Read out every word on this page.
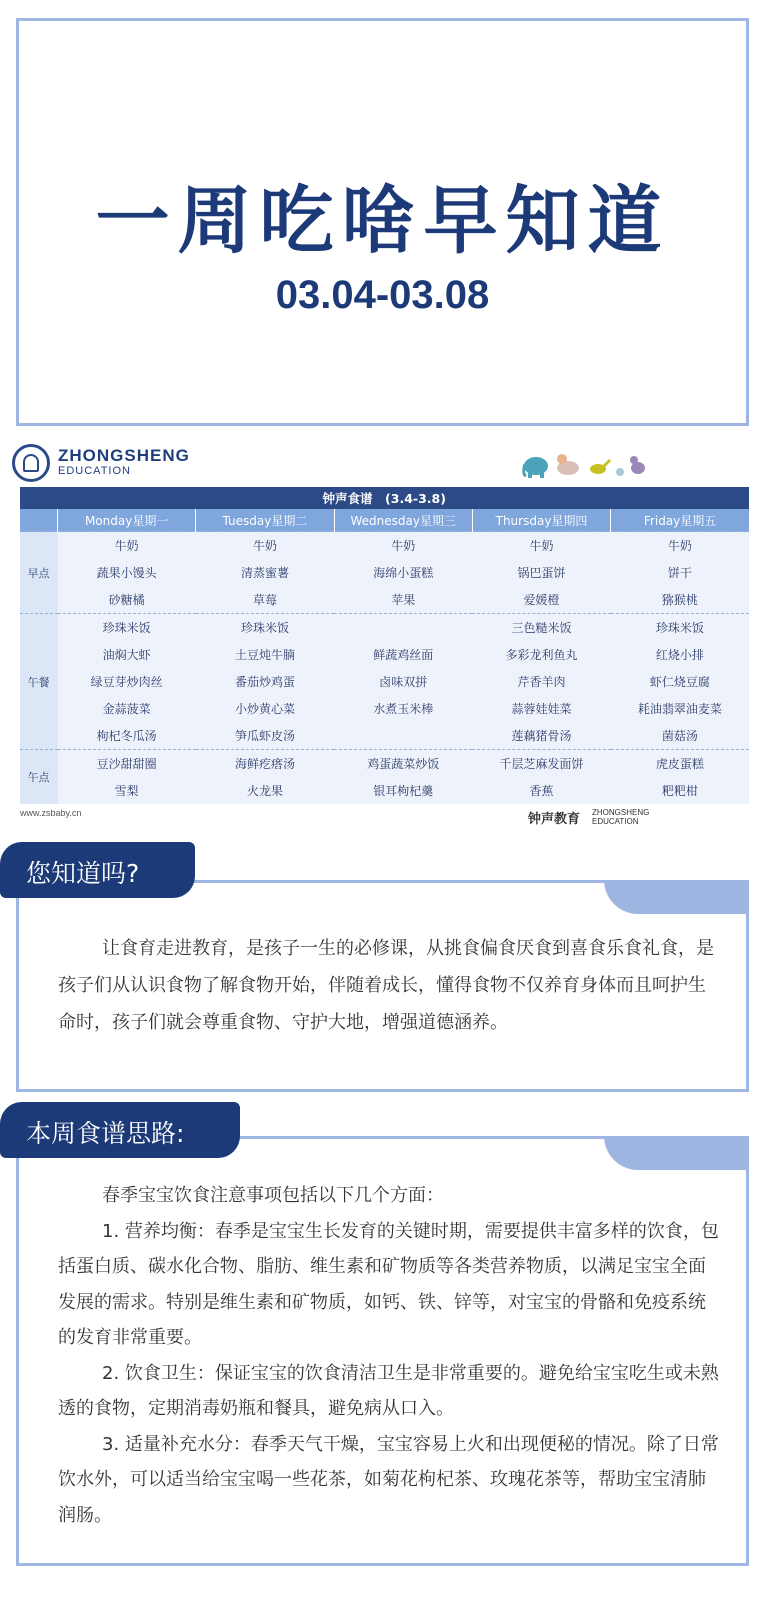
一周吃啥早知道
03.04-03.08
ZHONGSHENG
EDUCATION
钟声食谱　(3.4-3.8)					
	Monday星期一	Tuesday星期二	Wednesday星期三	Thursday星期四	Friday星期五
早点	牛奶	牛奶	牛奶	牛奶	牛奶
	蔬果小馒头	清蒸蜜薯	海绵小蛋糕	锅巴蛋饼	饼干
	砂糖橘	草莓	苹果	爱媛橙	猕猴桃
午餐	珍珠米饭	珍珠米饭		三色糙米饭	珍珠米饭
	油焖大虾	土豆炖牛腩	鲜蔬鸡丝面	多彩龙利鱼丸	红烧小排
	绿豆芽炒肉丝	番茄炒鸡蛋	卤味双拼	芹香羊肉	虾仁烧豆腐
	金蒜菠菜	小炒黄心菜	水煮玉米棒	蒜蓉娃娃菜	耗油翡翠油麦菜
	枸杞冬瓜汤	笋瓜虾皮汤		莲藕猪骨汤	菌菇汤
午点	豆沙甜甜圈	海鲜疙瘩汤	鸡蛋蔬菜炒饭	千层芝麻发面饼	虎皮蛋糕
	雪梨	火龙果	银耳枸杞羹	香蕉	粑粑柑
www.zsbaby.cn	钟声教育 ZHONGSHENG
EDUCATION
您知道吗?
让食育走进教育，是孩子一生的必修课，从挑食偏食厌食到喜食乐食礼食，是孩子们从认识食物了解食物开始，伴随着成长，懂得食物不仅养育身体而且呵护生命时，孩子们就会尊重食物、守护大地，增强道德涵养。
本周食谱思路:
春季宝宝饮食注意事项包括以下几个方面：
1. 营养均衡：春季是宝宝生长发育的关键时期，需要提供丰富多样的饮食，包括蛋白质、碳水化合物、脂肪、维生素和矿物质等各类营养物质，以满足宝宝全面发展的需求。特别是维生素和矿物质，如钙、铁、锌等，对宝宝的骨骼和免疫系统的发育非常重要。
2. 饮食卫生：保证宝宝的饮食清洁卫生是非常重要的。避免给宝宝吃生或未熟透的食物，定期消毒奶瓶和餐具，避免病从口入。
3. 适量补充水分：春季天气干燥，宝宝容易上火和出现便秘的情况。除了日常饮水外，可以适当给宝宝喝一些花茶，如菊花枸杞茶、玫瑰花茶等，帮助宝宝清肺润肠。
